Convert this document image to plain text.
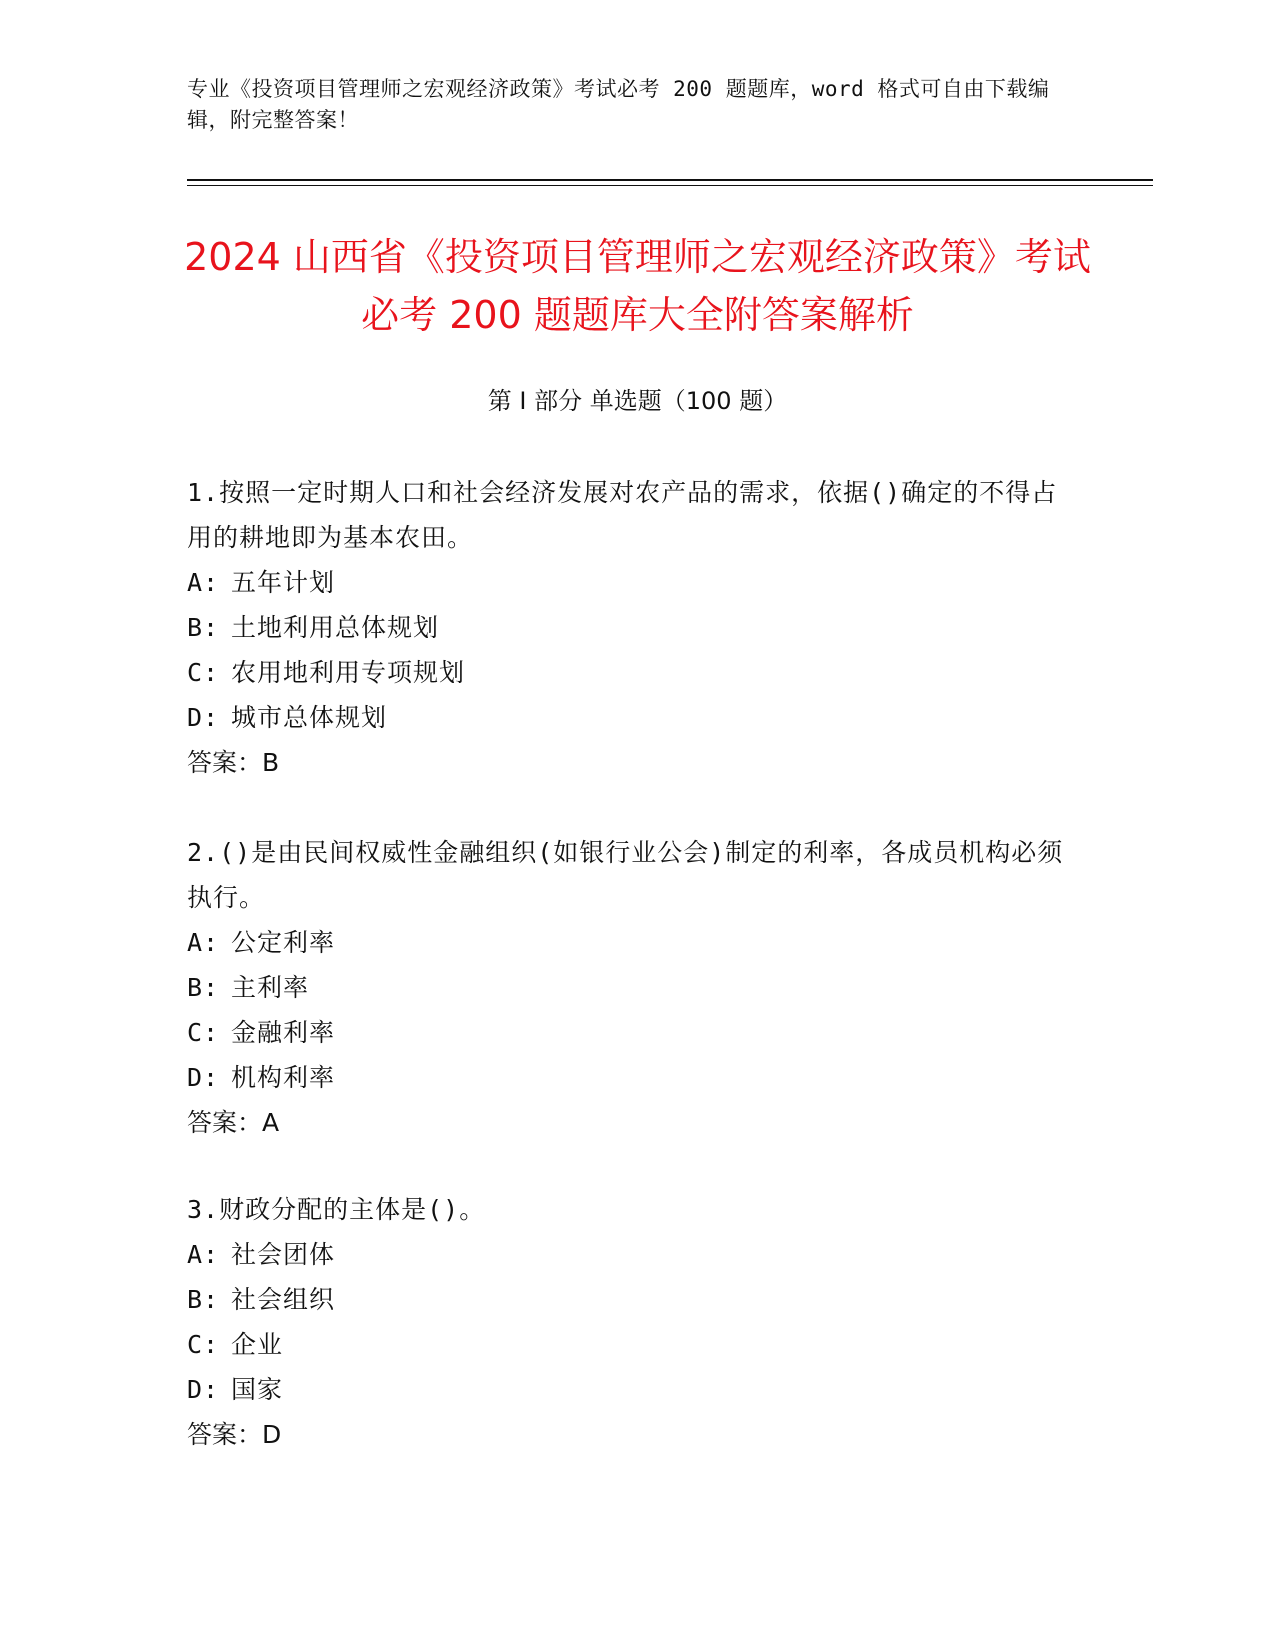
专业《投资项目管理师之宏观经济政策》考试必考 200 题题库，word 格式可自由下载编辑，附完整答案！
2024 山西省《投资项目管理师之宏观经济政策》考试必考 200 题题库大全附答案解析
第 I 部分 单选题（100 题）
1.按照一定时期人口和社会经济发展对农产品的需求，依据()确定的不得占用的耕地即为基本农田。
A: 五年计划
B: 土地利用总体规划
C: 农用地利用专项规划
D: 城市总体规划
答案：B
2.()是由民间权威性金融组织(如银行业公会)制定的利率，各成员机构必须执行。
A: 公定利率
B: 主利率
C: 金融利率
D: 机构利率
答案：A
3.财政分配的主体是()。
A: 社会团体
B: 社会组织
C: 企业
D: 国家
答案：D
